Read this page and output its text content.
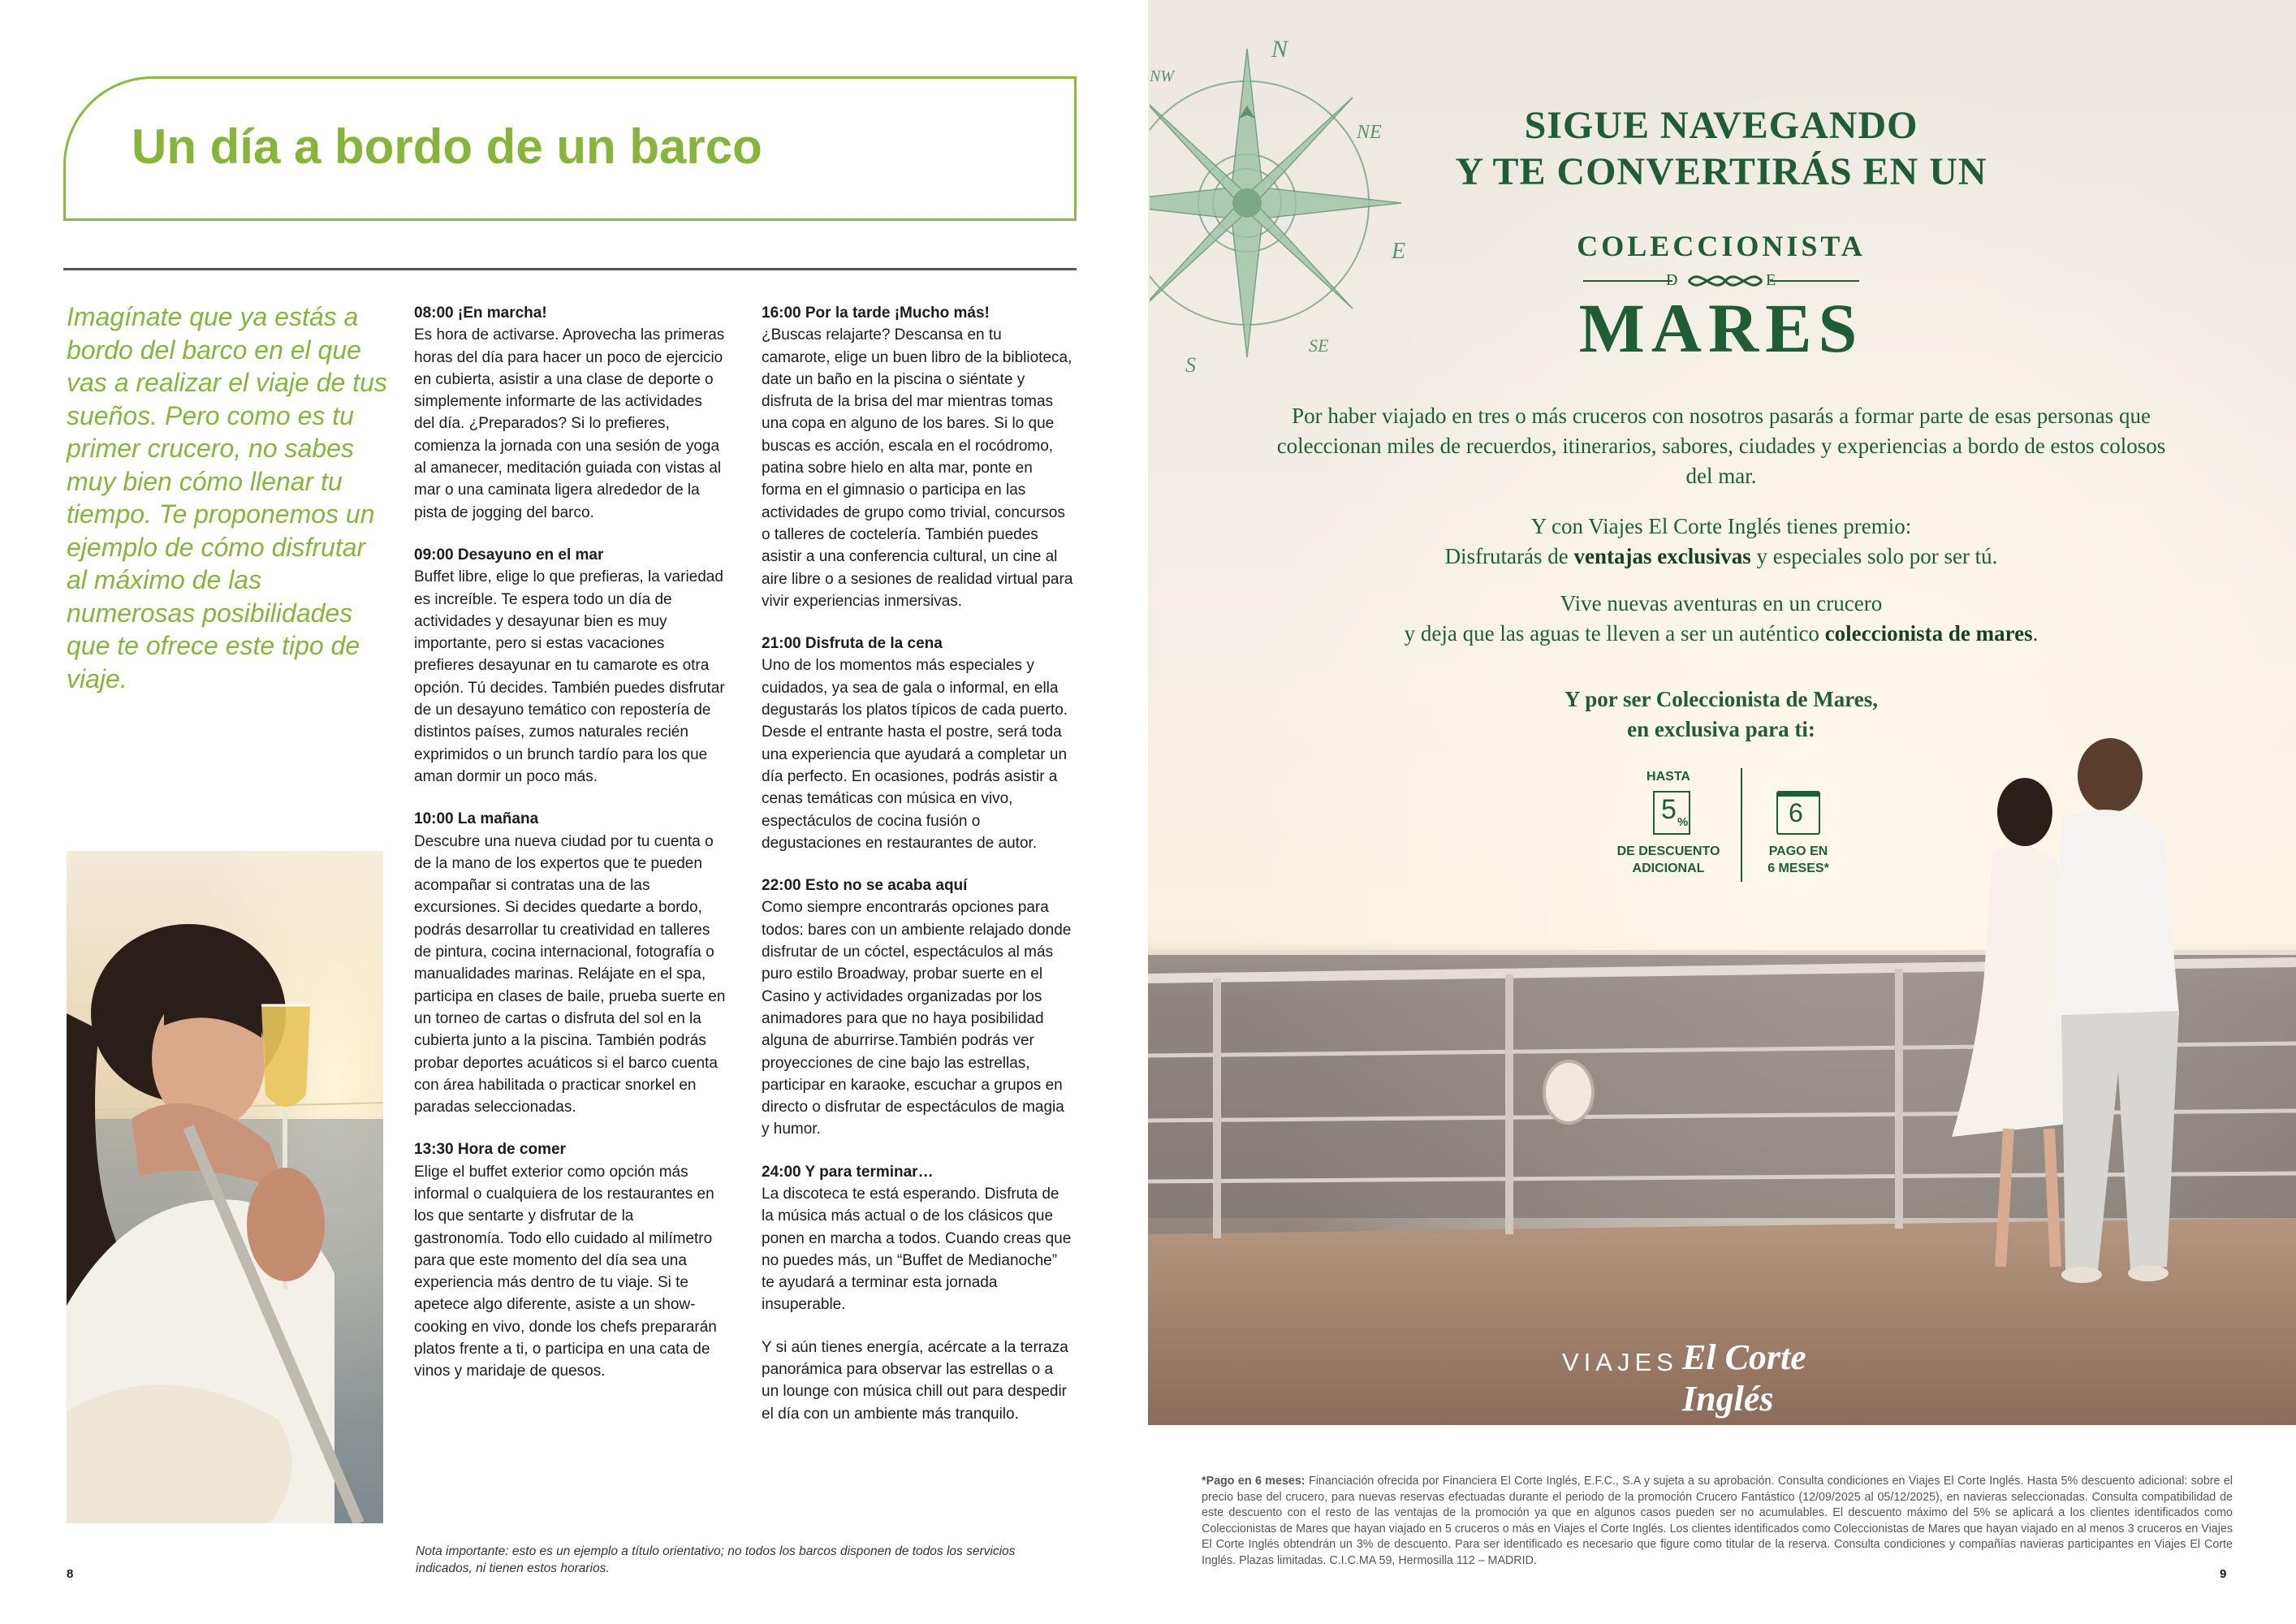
Un día a bordo de un barco
Imagínate que ya estás a bordo del barco en el que vas a realizar el viaje de tus sueños. Pero como es tu primer crucero, no sabes muy bien cómo llenar tu tiempo. Te proponemos un ejemplo de cómo disfrutar al máximo de las numerosas posibilidades que te ofrece este tipo de viaje.
08:00 ¡En marcha!

Es hora de activarse. Aprovecha las primeras horas del día para hacer un poco de ejercicio en cubierta, asistir a una clase de deporte o simplemente informarte de las actividades del día. ¿Preparados? Si lo prefieres, comienza la jornada con una sesión de yoga al amanecer, meditación guiada con vistas al mar o una caminata ligera alrededor de la pista de jogging del barco.

09:00 Desayuno en el mar

Buffet libre, elige lo que prefieras, la variedad es increíble. Te espera todo un día de actividades y desayunar bien es muy importante, pero si estas vacaciones prefieres desayunar en tu camarote es otra opción. Tú decides. También puedes disfrutar de un desayuno temático con repostería de distintos países, zumos naturales recién exprimidos o un brunch tardío para los que aman dormir un poco más.

10:00 La mañana

Descubre una nueva ciudad por tu cuenta o de la mano de los expertos que te pueden acompañar si contratas una de las excursiones. Si decides quedarte a bordo, podrás desarrollar tu creatividad en talleres de pintura, cocina internacional, fotografía o manualidades marinas. Relájate en el spa, participa en clases de baile, prueba suerte en un torneo de cartas o disfruta del sol en la cubierta junto a la piscina. También podrás probar deportes acuáticos si el barco cuenta con área habilitada o practicar snorkel en paradas seleccionadas.

13:30 Hora de comer

Elige el buffet exterior como opción más informal o cualquiera de los restaurantes en los que sentarte y disfrutar de la gastronomía. Todo ello cuidado al milímetro para que este momento del día sea una experiencia más dentro de tu viaje. Si te apetece algo diferente, asiste a un show-cooking en vivo, donde los chefs prepararán platos frente a ti, o participa en una cata de vinos y maridaje de quesos.

16:00 Por la tarde ¡Mucho más!

¿Buscas relajarte? Descansa en tu camarote, elige un buen libro de la biblioteca, date un baño en la piscina o siéntate y disfruta de la brisa del mar mientras tomas una copa en alguno de los bares. Si lo que buscas es acción, escala en el rocódromo, patina sobre hielo en alta mar, ponte en forma en el gimnasio o participa en las actividades de grupo como trivial, concursos o talleres de coctelería. También puedes asistir a una conferencia cultural, un cine al aire libre o a sesiones de realidad virtual para vivir experiencias inmersivas.

21:00 Disfruta de la cena

Uno de los momentos más especiales y cuidados, ya sea de gala o informal, en ella degustarás los platos típicos de cada puerto. Desde el entrante hasta el postre, será toda una experiencia que ayudará a completar un día perfecto. En ocasiones, podrás asistir a cenas temáticas con música en vivo, espectáculos de cocina fusión o degustaciones en restaurantes de autor.

22:00 Esto no se acaba aquí

Como siempre encontrarás opciones para todos: bares con un ambiente relajado donde disfrutar de un cóctel, espectáculos al más puro estilo Broadway, probar suerte en el Casino y actividades organizadas por los animadores para que no haya posibilidad alguna de aburrirse.También podrás ver proyecciones de cine bajo las estrellas, participar en karaoke, escuchar a grupos en directo o disfrutar de espectáculos de magia y humor.

24:00 Y para terminar…

La discoteca te está esperando. Disfruta de la música más actual o de los clásicos que ponen en marcha a todos. Cuando creas que no puedes más, un “Buffet de Medianoche” te ayudará a terminar esta jornada insuperable.

Y si aún tienes energía, acércate a la terraza panorámica para observar las estrellas o a un lounge con música chill out para despedir el día con un ambiente más tranquilo.

Nota importante: esto es un ejemplo a título orientativo; no todos los barcos disponen de todos los servicios indicados, ni tienen estos horarios.
8
N
NE
E
SE
S
NW
SIGUE NAVEGANDO
Y TE CONVERTIRÁS EN UN
COLECCIONISTA
D	E
MARES
Por haber viajado en tres o más cruceros con nosotros pasarás a formar parte de esas personas que coleccionan miles de recuerdos, itinerarios, sabores, ciudades y experiencias a bordo de estos colosos del mar.
Y con Viajes El Corte Inglés tienes premio:
Disfrutarás de ventajas exclusivas y especiales solo por ser tú.
Vive nuevas aventuras en un crucero
y deja que las aguas te lleven a ser un auténtico coleccionista de mares.
Y por ser Coleccionista de Mares,
en exclusiva para ti:
HASTA
5 %
DE DESCUENTO
ADICIONAL
6
PAGO EN
6 MESES*
VIAJES El Corte Inglés
*Pago en 6 meses: Financiación ofrecida por Financiera El Corte Inglés, E.F.C., S.A y sujeta a su aprobación. Consulta condiciones en Viajes El Corte Inglés. Hasta 5% descuento adicional: sobre el precio base del crucero, para nuevas reservas efectuadas durante el periodo de la promoción Crucero Fantástico (12/09/2025 al 05/12/2025), en navieras seleccionadas. Consulta compatibilidad de este descuento con el resto de las ventajas de la promoción ya que en algunos casos pueden ser no acumulables. El descuento máximo del 5% se aplicará a los clientes identificados como Coleccionistas de Mares que hayan viajado en 5 cruceros o más en Viajes el Corte Inglés. Los clientes identificados como Coleccionistas de Mares que hayan viajado en al menos 3 cruceros en Viajes El Corte Inglés obtendrán un 3% de descuento. Para ser identificado es necesario que figure como titular de la reserva. Consulta condiciones y compañías navieras participantes en Viajes El Corte Inglés. Plazas limitadas. C.I.C.MA 59, Hermosilla 112 – MADRID.
9
